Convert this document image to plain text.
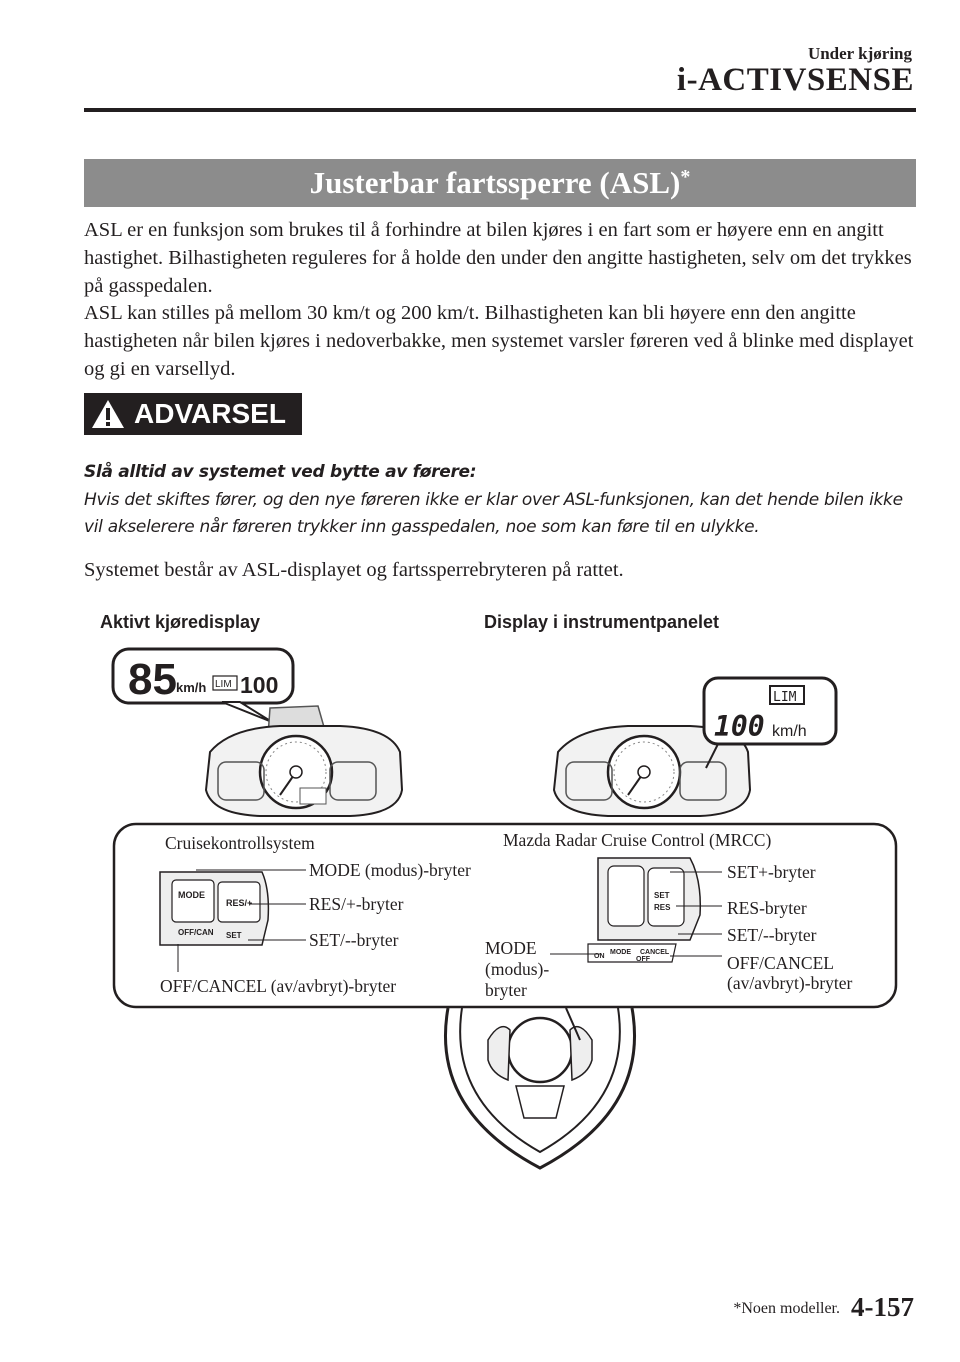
Under kjøring
i-ACTIVSENSE
Justerbar fartssperre (ASL)*

ASL er en funksjon som brukes til å forhindre at bilen kjøres i en fart som er høyere enn en angitt hastighet. Bilhastigheten reguleres for å holde den under den angitte hastigheten, selv om det trykkes på gasspedalen.

ASL kan stilles på mellom 30 km/t og 200 km/t. Bilhastigheten kan bli høyere enn den angitte hastigheten når bilen kjøres i nedoverbakke, men systemet varsler føreren ved å blinke med displayet og gi en varsellyd.

ADVARSEL

Slå alltid av systemet ved bytte av førere:

Hvis det skiftes fører, og den nye føreren ikke er klar over ASL-funksjonen, kan det hende bilen ikke vil akselerere når føreren trykker inn gasspedalen, noe som kan føre til en ulykke.

Systemet består av ASL-displayet og fartssperrebryteren på rattet.

Aktivt kjøredisplay	Display i instrumentpanelet
85 km/h LIM 100	LIM
100 km/h
MODE
RES/+
OFF/CAN SET
SET
RES
ON
MODE CANCEL
OFF
Cruisekontrollsystem
MODE (modus)-bryter
RES/+-bryter
SET/--bryter
OFF/CANCEL (av/avbryt)-bryter
Mazda Radar Cruise Control (MRCC)
SET+-bryter
RES-bryter
SET/--bryter
OFF/CANCEL
(av/avbryt)-bryter
MODE
(modus)-
bryter
*Noen modeller. 4-157
